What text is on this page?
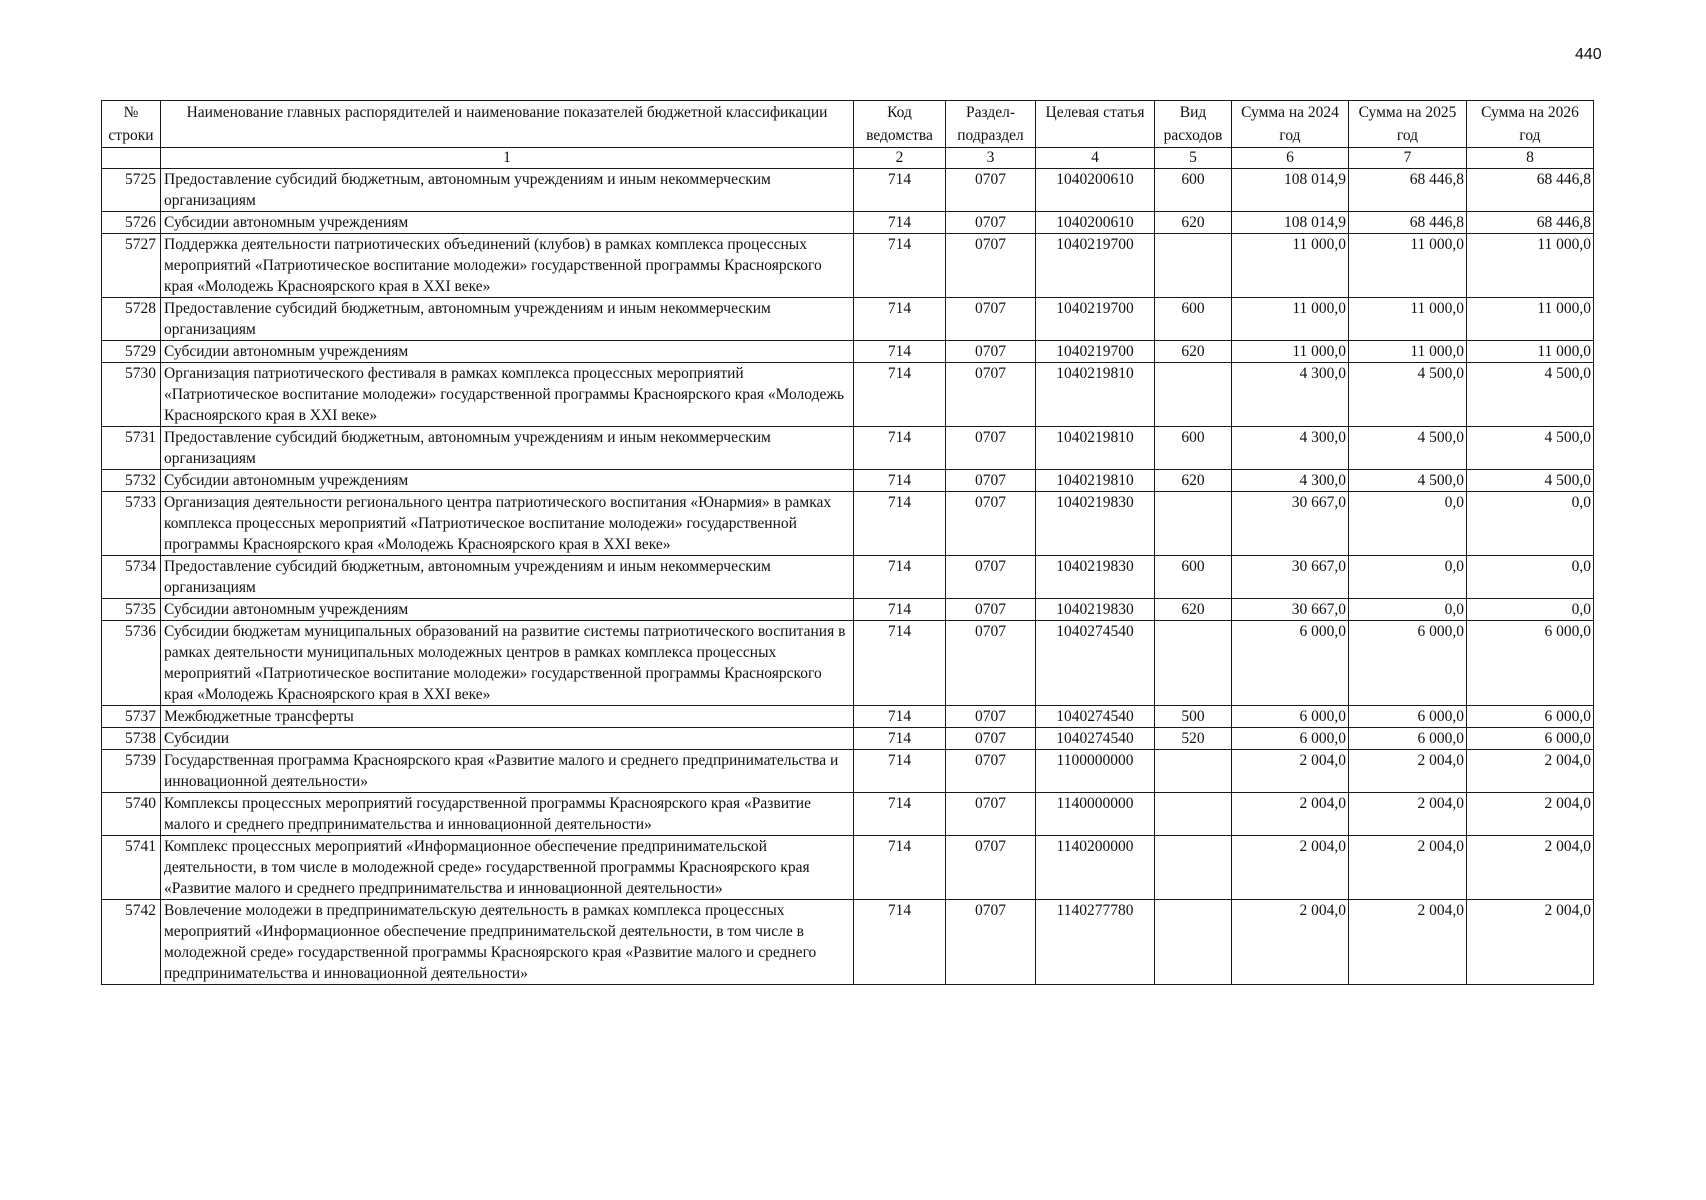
440
№ строки	Наименование главных распорядителей и наименование показателей бюджетной классификации	Код ведомства	Раздел- подраздел	Целевая статья	Вид расходов	Сумма на 2024 год	Сумма на 2025 год	Сумма на 2026 год
	1	2	3	4	5	6	7	8
5725	Предоставление субсидий бюджетным, автономным учреждениям и иным некоммерческим организациям	714	0707	1040200610	600	108 014,9	68 446,8	68 446,8
5726	Субсидии автономным учреждениям	714	0707	1040200610	620	108 014,9	68 446,8	68 446,8
5727	Поддержка деятельности патриотических объединений (клубов) в рамках комплекса процессных мероприятий «Патриотическое воспитание молодежи» государственной программы Красноярского края «Молодежь Красноярского края в XXI веке»	714	0707	1040219700		11 000,0	11 000,0	11 000,0
5728	Предоставление субсидий бюджетным, автономным учреждениям и иным некоммерческим организациям	714	0707	1040219700	600	11 000,0	11 000,0	11 000,0
5729	Субсидии автономным учреждениям	714	0707	1040219700	620	11 000,0	11 000,0	11 000,0
5730	Организация патриотического фестиваля в рамках комплекса процессных мероприятий «Патриотическое воспитание молодежи» государственной программы Красноярского края «Молодежь Красноярского края в XXI веке»	714	0707	1040219810		4 300,0	4 500,0	4 500,0
5731	Предоставление субсидий бюджетным, автономным учреждениям и иным некоммерческим организациям	714	0707	1040219810	600	4 300,0	4 500,0	4 500,0
5732	Субсидии автономным учреждениям	714	0707	1040219810	620	4 300,0	4 500,0	4 500,0
5733	Организация деятельности регионального центра патриотического воспитания «Юнармия» в рамках комплекса процессных мероприятий «Патриотическое воспитание молодежи» государственной программы Красноярского края «Молодежь Красноярского края в XXI веке»	714	0707	1040219830		30 667,0	0,0	0,0
5734	Предоставление субсидий бюджетным, автономным учреждениям и иным некоммерческим организациям	714	0707	1040219830	600	30 667,0	0,0	0,0
5735	Субсидии автономным учреждениям	714	0707	1040219830	620	30 667,0	0,0	0,0
5736	Субсидии бюджетам муниципальных образований на развитие системы патриотического воспитания в рамках деятельности муниципальных молодежных центров в рамках комплекса процессных мероприятий «Патриотическое воспитание молодежи» государственной программы Красноярского края «Молодежь Красноярского края в XXI веке»	714	0707	1040274540		6 000,0	6 000,0	6 000,0
5737	Межбюджетные трансферты	714	0707	1040274540	500	6 000,0	6 000,0	6 000,0
5738	Субсидии	714	0707	1040274540	520	6 000,0	6 000,0	6 000,0
5739	Государственная программа Красноярского края «Развитие малого и среднего предпринимательства и инновационной деятельности»	714	0707	1100000000		2 004,0	2 004,0	2 004,0
5740	Комплексы процессных мероприятий государственной программы Красноярского края «Развитие малого и среднего предпринимательства и инновационной деятельности»	714	0707	1140000000		2 004,0	2 004,0	2 004,0
5741	Комплекс процессных мероприятий «Информационное обеспечение предпринимательской деятельности, в том числе в молодежной среде» государственной программы Красноярского края «Развитие малого и среднего предпринимательства и инновационной деятельности»	714	0707	1140200000		2 004,0	2 004,0	2 004,0
5742	Вовлечение молодежи в предпринимательскую деятельность в рамках комплекса процессных мероприятий «Информационное обеспечение предпринимательской деятельности, в том числе в молодежной среде» государственной программы Красноярского края «Развитие малого и среднего предпринимательства и инновационной деятельности»	714	0707	1140277780		2 004,0	2 004,0	2 004,0
